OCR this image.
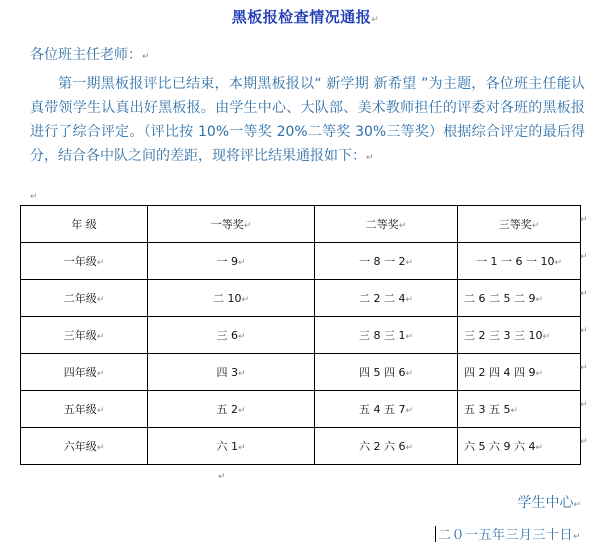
黑板报检查情况通报↵
各位班主任老师：↵
第一期黑板报评比已结束，本期黑板报以“ 新学期 新希望 ”为主题，各位班主任能认真带领学生认真出好黑板报。由学生中心、大队部、美术教师担任的评委对各班的黑板报进行了综合评定。（评比按 10%一等奖 20%二等奖 30%三等奖）根据综合评定的最后得分，结合各中队之间的差距，现将评比结果通报如下：↵
↵
年 级	一等奖↵	二等奖↵	三等奖↵
一年级↵	一 9↵	一 8 一 2↵	一 1 一 6 一 10↵
二年级↵	二 10↵	二 2 二 4↵	二 6 二 5 二 9↵
三年级↵	三 6↵	三 8 三 1↵	三 2 三 3 三 10↵
四年级↵	四 3↵	四 5 四 6↵	四 2 四 4 四 9↵
五年级↵	五 2↵	五 4 五 7↵	五 3 五 5↵
六年级↵	六 1↵	六 2 六 6↵	六 5 六 9 六 4↵
↵
↵
↵
↵
↵
↵
↵
↵
学生中心↵
二０一五年三月三十日↵
